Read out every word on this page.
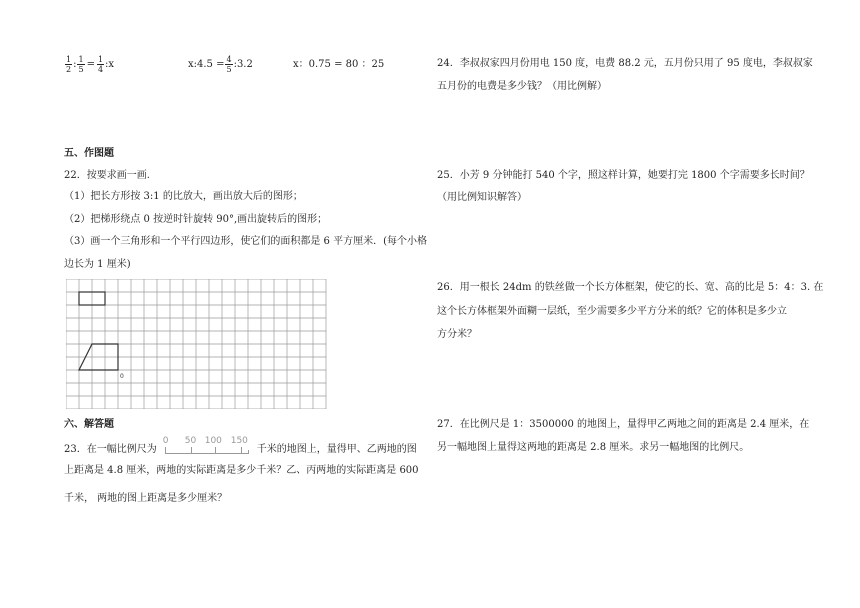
$\frac{1}{2}$ : $\frac{1}{5} = \frac{1}{4}$ :x	x:4.5 = $\frac{4}{5}$ :3.2	x：0.75 = 80 ：25
五、作图题
22．按要求画一画.
（1）把长方形按 3:1 的比放大，画出放大后的图形；
（2）把梯形绕点 0 按逆时针旋转 90°,画出旋转后的图形；
（3）画一个三角形和一个平行四边形，使它们的面积都是 6 平方厘米．(每个小格
边长为 1 厘米)
0
六、解答题
23．在一幅比例尺为
0 50 100 150
千米的地图上，量得甲、乙两地的图
上距离是 4.8 厘米，两地的实际距离是多少千米？乙、丙两地的实际距离是 600
千米， 两地的图上距离是多少厘米？
24．李叔叔家四月份用电 150 度，电费 88.2 元，五月份只用了 95 度电，李叔叔家
五月份的电费是多少钱？（用比例解）
25．小芳 9 分钟能打 540 个字，照这样计算，她要打完 1800 个字需要多长时间？
（用比例知识解答）
26．用一根长 24dm 的铁丝做一个长方体框架，使它的长、宽、高的比是 5：4：3. 在
这个长方体框架外面糊一层纸，至少需要多少平方分米的纸？它的体积是多少立
方分米？
27．在比例尺是 1：3500000 的地图上，量得甲乙两地之间的距离是 2.4 厘米，在
另一幅地图上量得这两地的距离是 2.8 厘米。求另一幅地图的比例尺。
